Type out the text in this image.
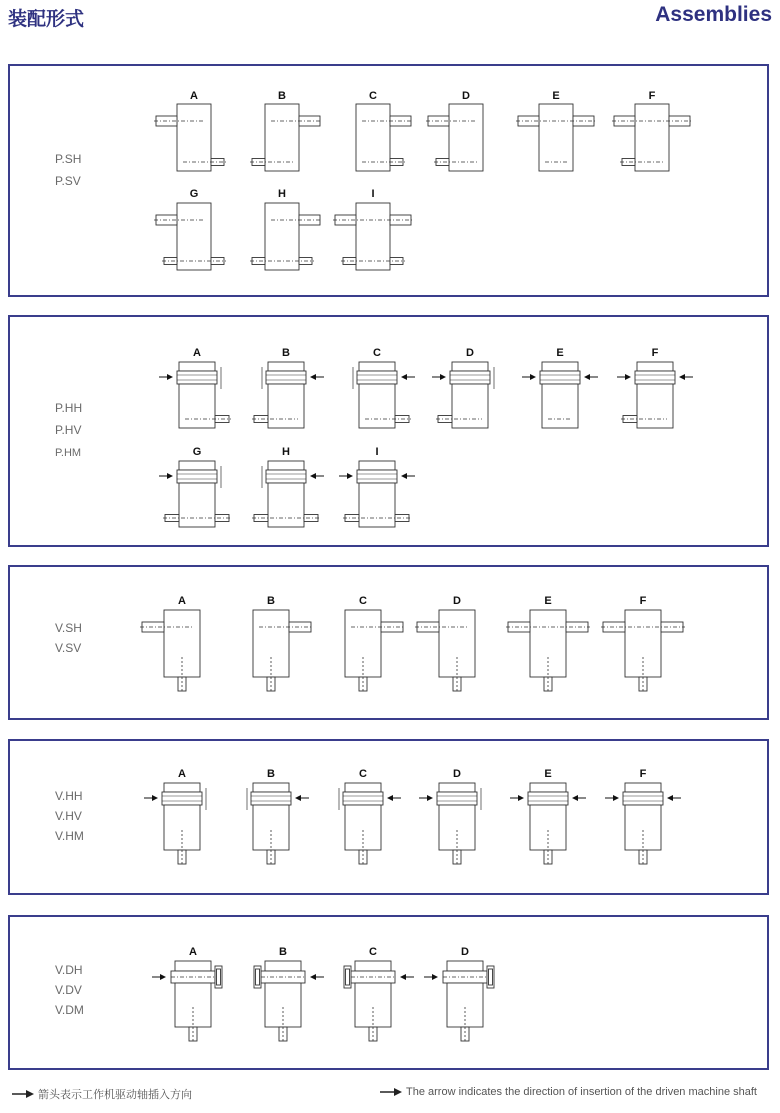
装配形式	Assemblies
P.SH
P.SV
P.HH
P.HV
P.HM
V.SH
V.SV
V.HH
V.HV
V.HM
V.DH
V.DV
V.DM
A	B	C	D	E	F
G	H	I
A	B	C	D	E	F
G	H	I
A	B	C	D	E	F
A	B	C	D	E	F
A	B	C	D
箭头表示工作机驱动轴插入方向	The arrow indicates the direction of insertion of the driven machine shaft
